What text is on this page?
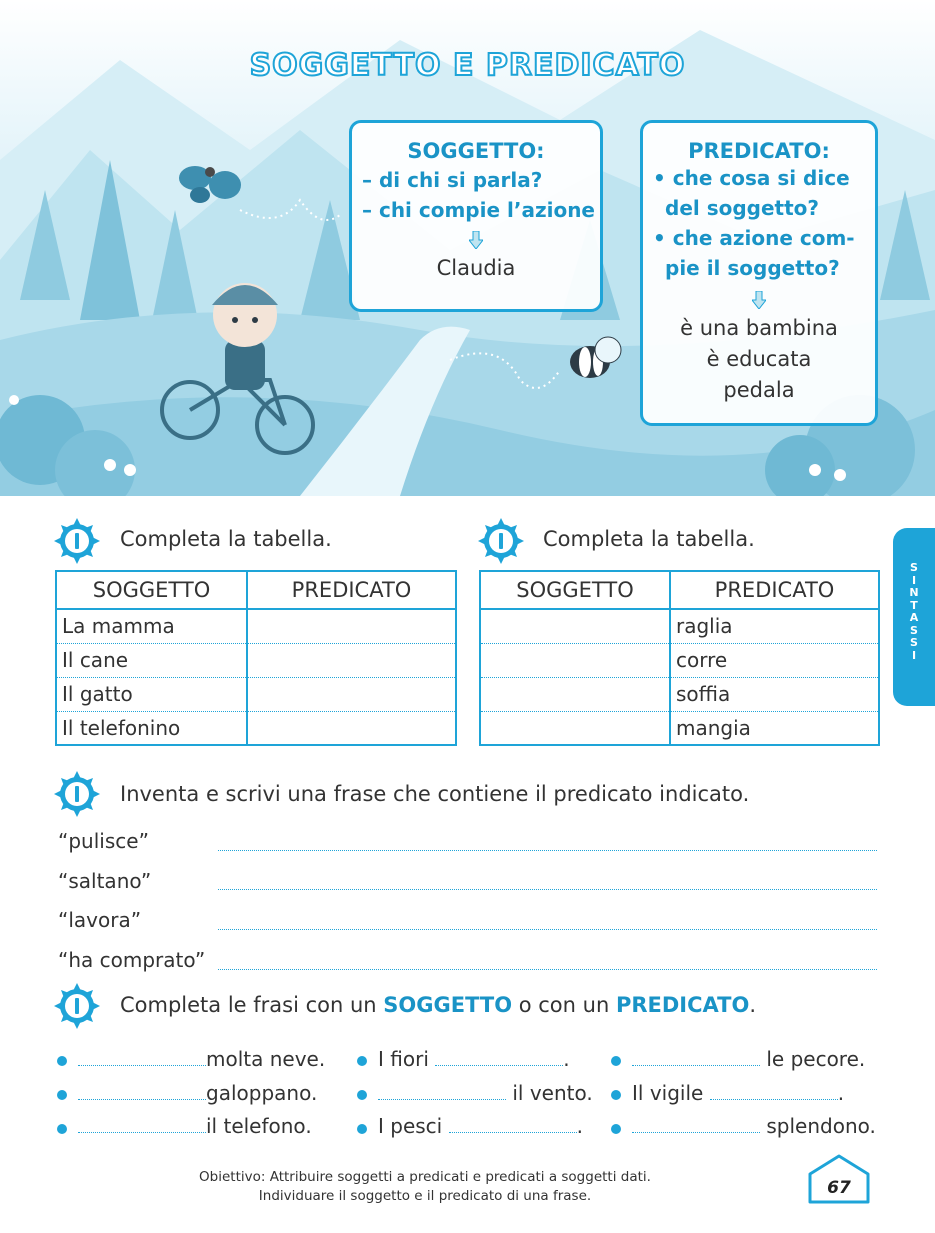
SOGGETTO E PREDICATO
SOGGETTO:
– di chi si parla?
– chi compie l’azione
Claudia
PREDICATO:
• che cosa si dice
del soggetto?
• che azione com-
pie il soggetto?
è una bambina
è educata
pedala
S
I
N
T
A
S
S
I
Completa la tabella.
SOGGETTO	PREDICATO
La mamma	
Il cane	
Il gatto	
Il telefonino	
Completa la tabella.
SOGGETTO	PREDICATO
	raglia
	corre
	soffia
	mangia
Inventa e scrivi una frase che contiene il predicato indicato.
“pulisce”
“saltano”
“lavora”
“ha comprato”
Completa le frasi con un SOGGETTO o con un PREDICATO.
molta neve.
galoppano.
il telefono.
I fiori	.
il vento.
I pesci	.
le pecore.
Il vigile	.
splendono.
Obiettivo: Attribuire soggetti a predicati e predicati a soggetti dati.
Individuare il soggetto e il predicato di una frase.	67
